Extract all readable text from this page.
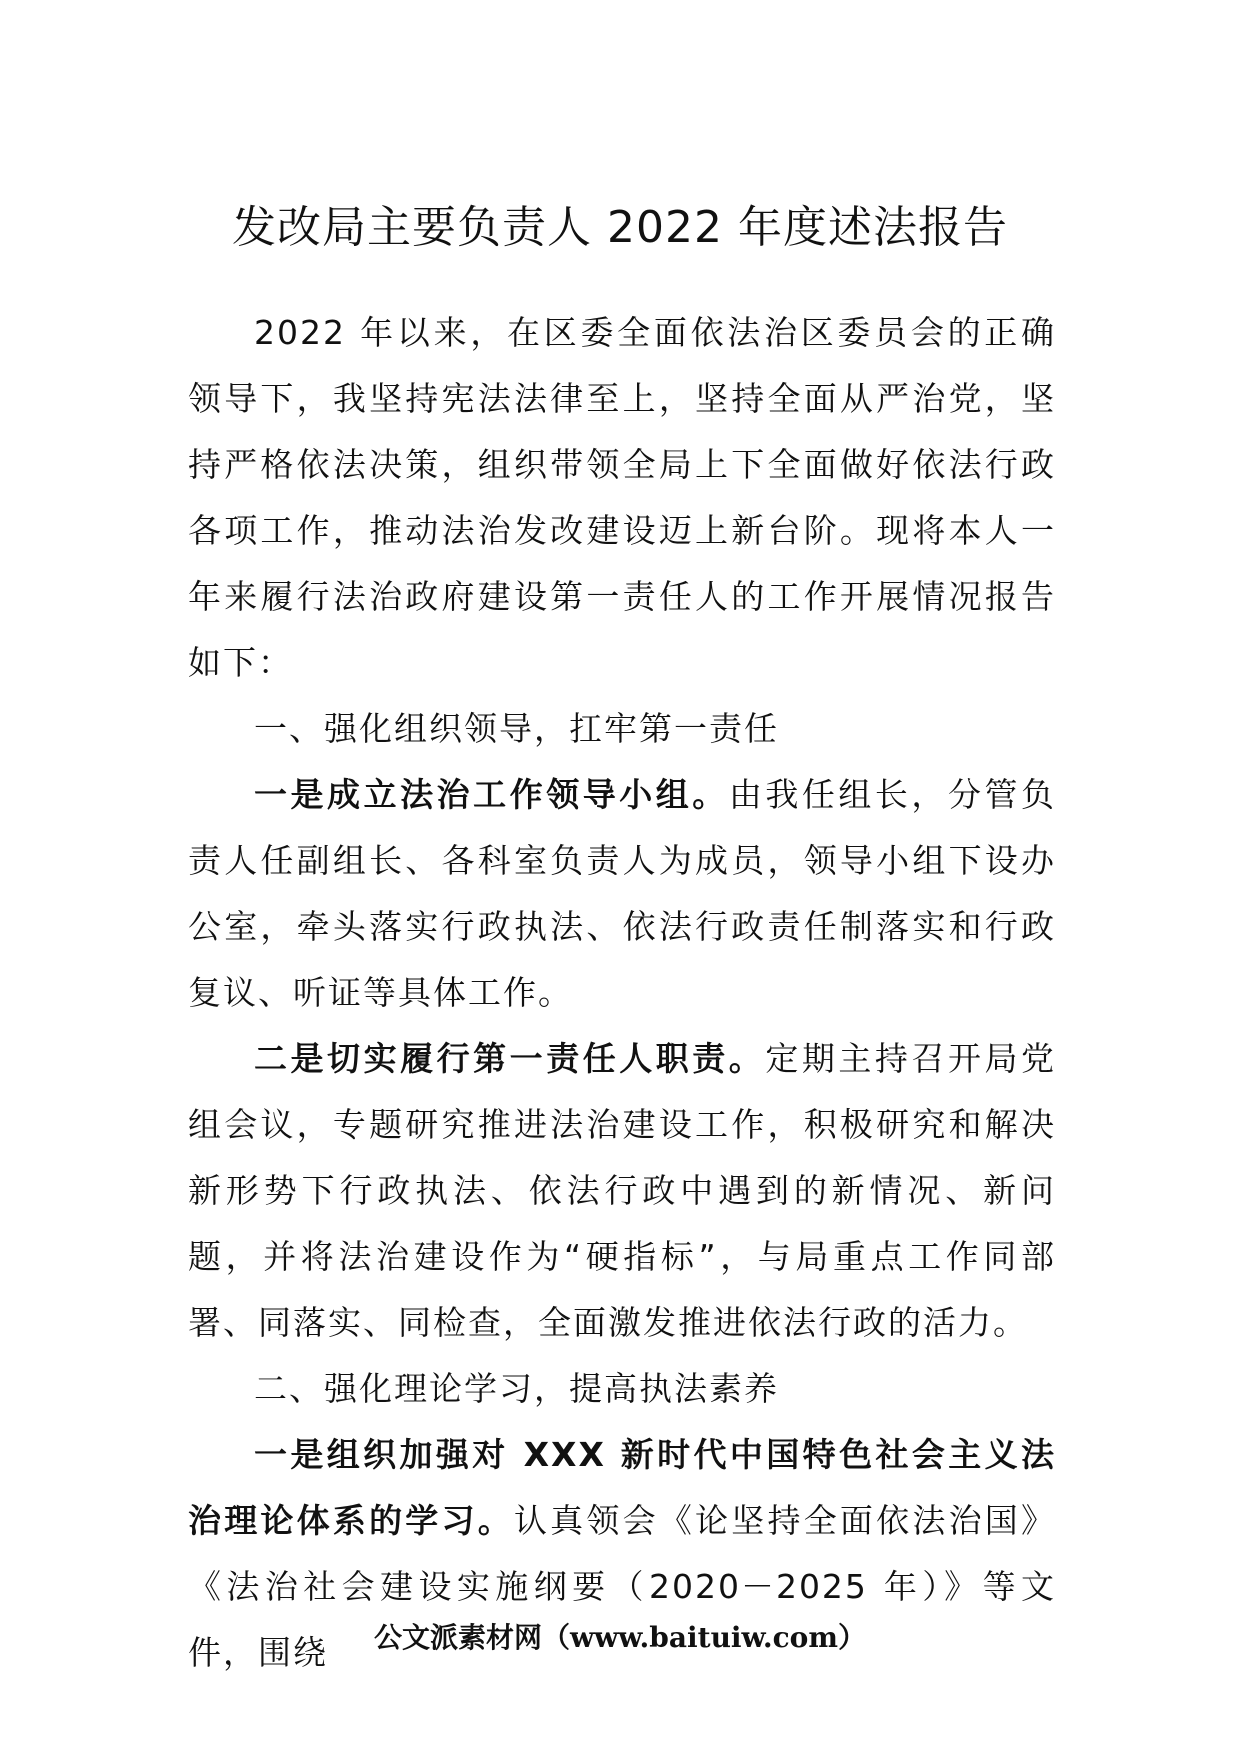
发改局主要负责人 2022 年度述法报告

2022 年以来，在区委全面依法治区委员会的正确领导下，我坚持宪法法律至上，坚持全面从严治党，坚持严格依法决策，组织带领全局上下全面做好依法行政各项工作，推动法治发改建设迈上新台阶。现将本人一年来履行法治政府建设第一责任人的工作开展情况报告如下：

一、强化组织领导，扛牢第一责任

一是成立法治工作领导小组。由我任组长，分管负责人任副组长、各科室负责人为成员，领导小组下设办公室，牵头落实行政执法、依法行政责任制落实和行政复议、听证等具体工作。

二是切实履行第一责任人职责。定期主持召开局党组会议，专题研究推进法治建设工作，积极研究和解决新形势下行政执法、依法行政中遇到的新情况、新问题，并将法治建设作为“硬指标”，与局重点工作同部署、同落实、同检查，全面激发推进依法行政的活力。

二、强化理论学习，提高执法素养

一是组织加强对 XXX 新时代中国特色社会主义法治理论体系的学习。认真领会《论坚持全面依法治国》《法治社会建设实施纲要（2020－2025 年）》等文件，围绕	公文派素材网（www.baituiw.com）
